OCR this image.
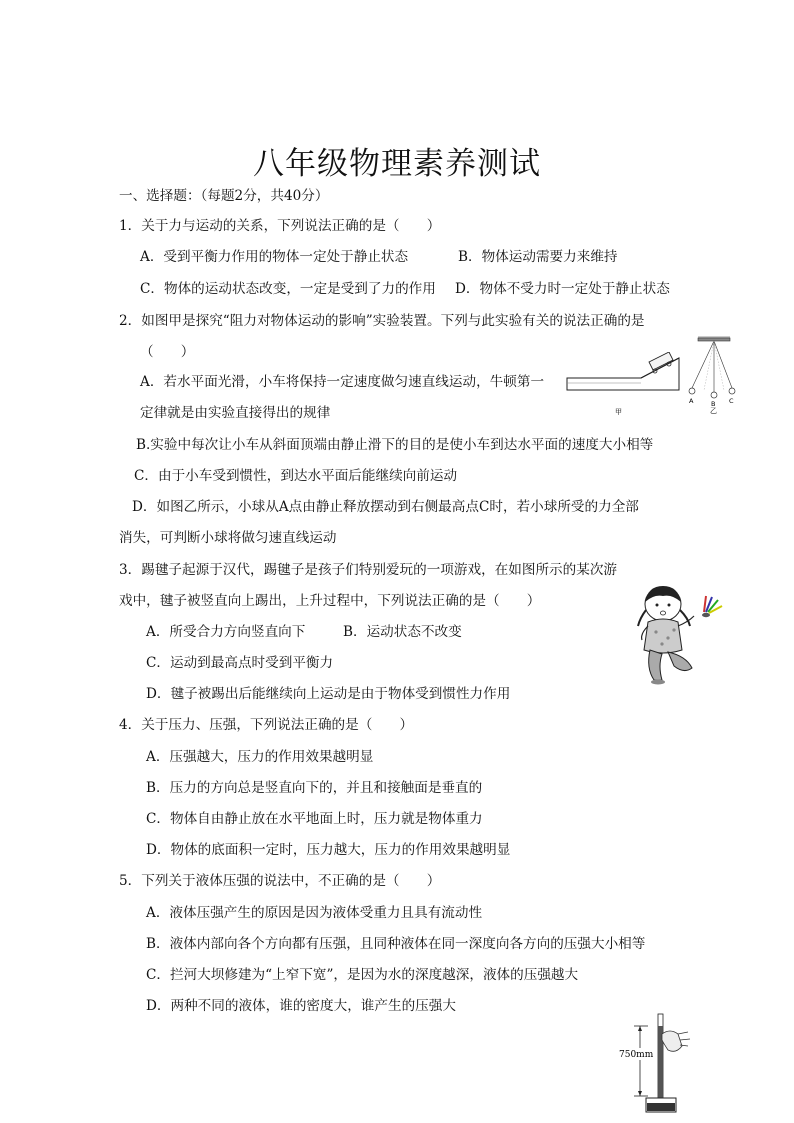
八年级物理素养测试
一、选择题：（每题2分，共40分）
1．关于力与运动的关系，下列说法正确的是（　　）
A．受到平衡力作用的物体一定处于静止状态	B．物体运动需要力来维持
C．物体的运动状态改变，一定是受到了力的作用 D．物体不受力时一定处于静止状态
2．如图甲是探究“阻力对物体运动的影响”实验装置。下列与此实验有关的说法正确的是
（　　）
A．若水平面光滑，小车将保持一定速度做匀速直线运动，牛顿第一
定律就是由实验直接得出的规律
B.实验中每次让小车从斜面顶端由静止滑下的目的是使小车到达水平面的速度大小相等
C．由于小车受到惯性，到达水平面后能继续向前运动
D．如图乙所示，小球从A点由静止释放摆动到右侧最高点C时，若小球所受的力全部
消失，可判断小球将做匀速直线运动
甲
A	B C
乙
3．踢毽子起源于汉代，踢毽子是孩子们特别爱玩的一项游戏，在如图所示的某次游
戏中，毽子被竖直向上踢出，上升过程中，下列说法正确的是（　　）
A．所受合力方向竖直向下	B．运动状态不改变
C．运动到最高点时受到平衡力
D．毽子被踢出后能继续向上运动是由于物体受到惯性力作用
4．关于压力、压强，下列说法正确的是（　　）
A．压强越大，压力的作用效果越明显
B．压力的方向总是竖直向下的，并且和接触面是垂直的
C．物体自由静止放在水平地面上时，压力就是物体重力
D．物体的底面积一定时，压力越大，压力的作用效果越明显
5．下列关于液体压强的说法中，不正确的是（　　）
A．液体压强产生的原因是因为液体受重力且具有流动性
B．液体内部向各个方向都有压强，且同种液体在同一深度向各方向的压强大小相等
C．拦河大坝修建为“上窄下宽”，是因为水的深度越深，液体的压强越大
D．两种不同的液体，谁的密度大，谁产生的压强大
750mm
